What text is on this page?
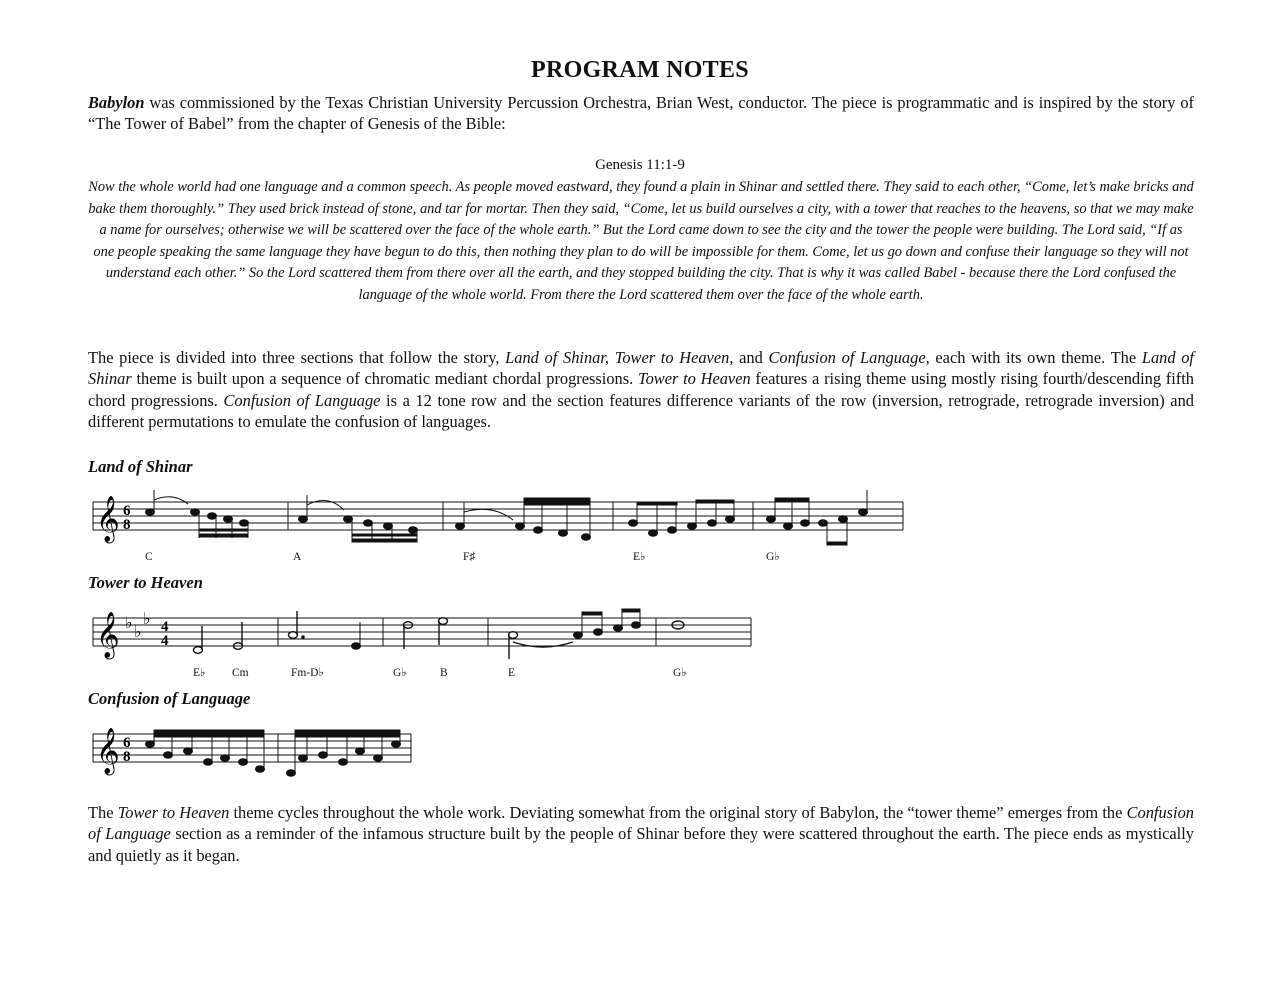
PROGRAM NOTES

Babylon was commissioned by the Texas Christian University Percussion Orchestra, Brian West, conductor. The piece is programmatic and is inspired by the story of “The Tower of Babel” from the chapter of Genesis of the Bible:

Genesis 11:1-9

Now the whole world had one language and a common speech. As people moved eastward, they found a plain in Shinar and settled there. They said to each other, “Come, let’s make bricks and bake them thoroughly.” They used brick instead of stone, and tar for mortar. Then they said, “Come, let us build ourselves a city, with a tower that reaches to the heavens, so that we may make a name for ourselves; otherwise we will be scattered over the face of the whole earth.” But the Lord came down to see the city and the tower the people were building. The Lord said, “If as one people speaking the same language they have begun to do this, then nothing they plan to do will be impossible for them. Come, let us go down and confuse their language so they will not understand each other.” So the Lord scattered them from there over all the earth, and they stopped building the city. That is why it was called Babel - because there the Lord confused the language of the whole world. From there the Lord scattered them over the face of the whole earth.

The piece is divided into three sections that follow the story, Land of Shinar, Tower to Heaven, and Confusion of Language, each with its own theme. The Land of Shinar theme is built upon a sequence of chromatic mediant chordal progressions. Tower to Heaven features a rising theme using mostly rising fourth/descending fifth chord progressions. Confusion of Language is a 12 tone row and the section features difference variants of the row (inversion, retrograde, retrograde inversion) and different permutations to emulate the confusion of languages.

Land of Shinar
𝄞 6
8
C	A	F♯	E♭	G♭
Tower to Heaven
𝄞 ♭
♭
♭ 4
4
E♭ Cm	Fm-D♭	G♭	B	E	G♭
Confusion of Language
𝄞 6
8

The Tower to Heaven theme cycles throughout the whole work. Deviating somewhat from the original story of Babylon, the “tower theme” emerges from the Confusion of Language section as a reminder of the infamous structure built by the people of Shinar before they were scattered throughout the earth. The piece ends as mystically and quietly as it began.
